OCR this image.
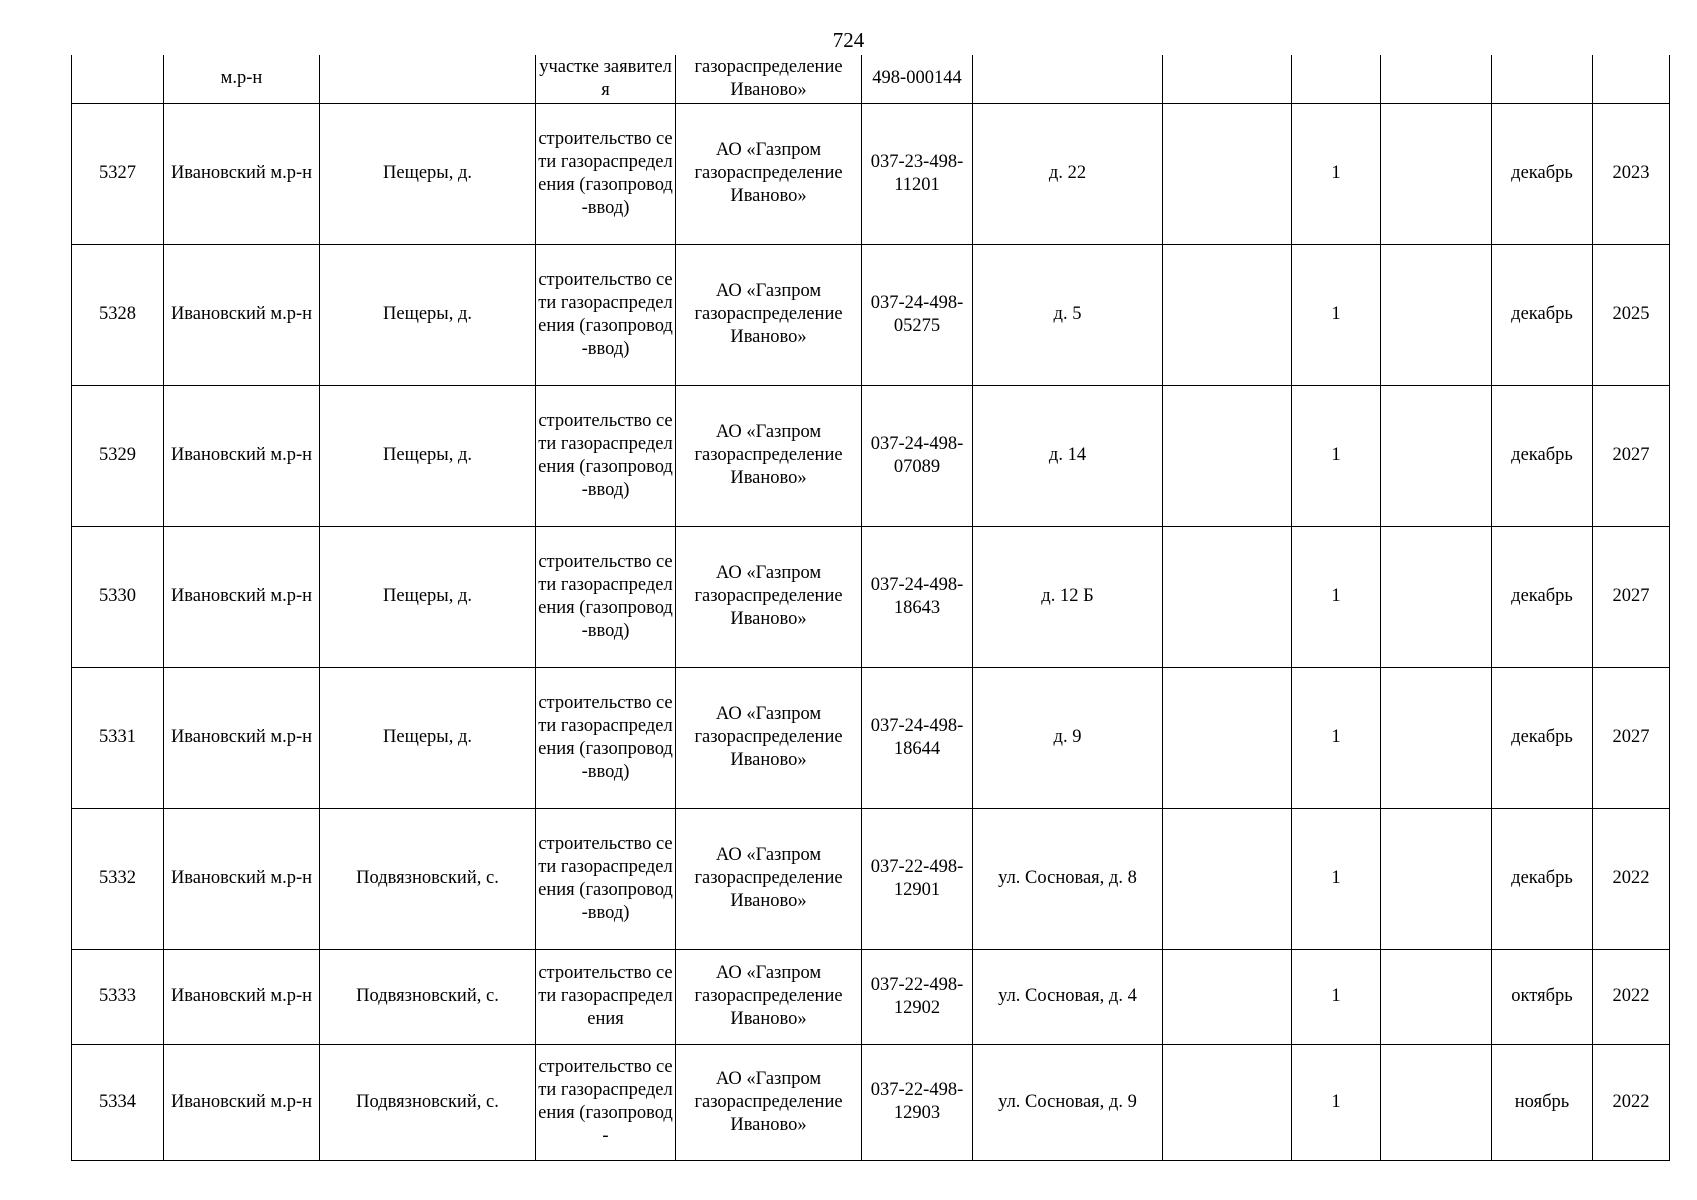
724
	м.р-н		участке заявителя	газораспределение Иваново»	498-000144						
5327	Ивановский м.р-н	Пещеры, д.	строительство сети газораспределения (газопровод-ввод)	АО «Газпром газораспределение Иваново»	037-23-498-11201	д. 22		1		декабрь	2023
5328	Ивановский м.р-н	Пещеры, д.	строительство сети газораспределения (газопровод-ввод)	АО «Газпром газораспределение Иваново»	037-24-498-05275	д. 5		1		декабрь	2025
5329	Ивановский м.р-н	Пещеры, д.	строительство сети газораспределения (газопровод-ввод)	АО «Газпром газораспределение Иваново»	037-24-498-07089	д. 14		1		декабрь	2027
5330	Ивановский м.р-н	Пещеры, д.	строительство сети газораспределения (газопровод-ввод)	АО «Газпром газораспределение Иваново»	037-24-498-18643	д. 12 Б		1		декабрь	2027
5331	Ивановский м.р-н	Пещеры, д.	строительство сети газораспределения (газопровод-ввод)	АО «Газпром газораспределение Иваново»	037-24-498-18644	д. 9		1		декабрь	2027
5332	Ивановский м.р-н	Подвязновский, с.	строительство сети газораспределения (газопровод-ввод)	АО «Газпром газораспределение Иваново»	037-22-498-12901	ул. Сосновая, д. 8		1		декабрь	2022
5333	Ивановский м.р-н	Подвязновский, с.	строительство сети газораспределения	АО «Газпром газораспределение Иваново»	037-22-498-12902	ул. Сосновая, д. 4		1		октябрь	2022
5334	Ивановский м.р-н	Подвязновский, с.	строительство сети газораспределения (газопровод-	АО «Газпром газораспределение Иваново»	037-22-498-12903	ул. Сосновая, д. 9		1		ноябрь	2022
